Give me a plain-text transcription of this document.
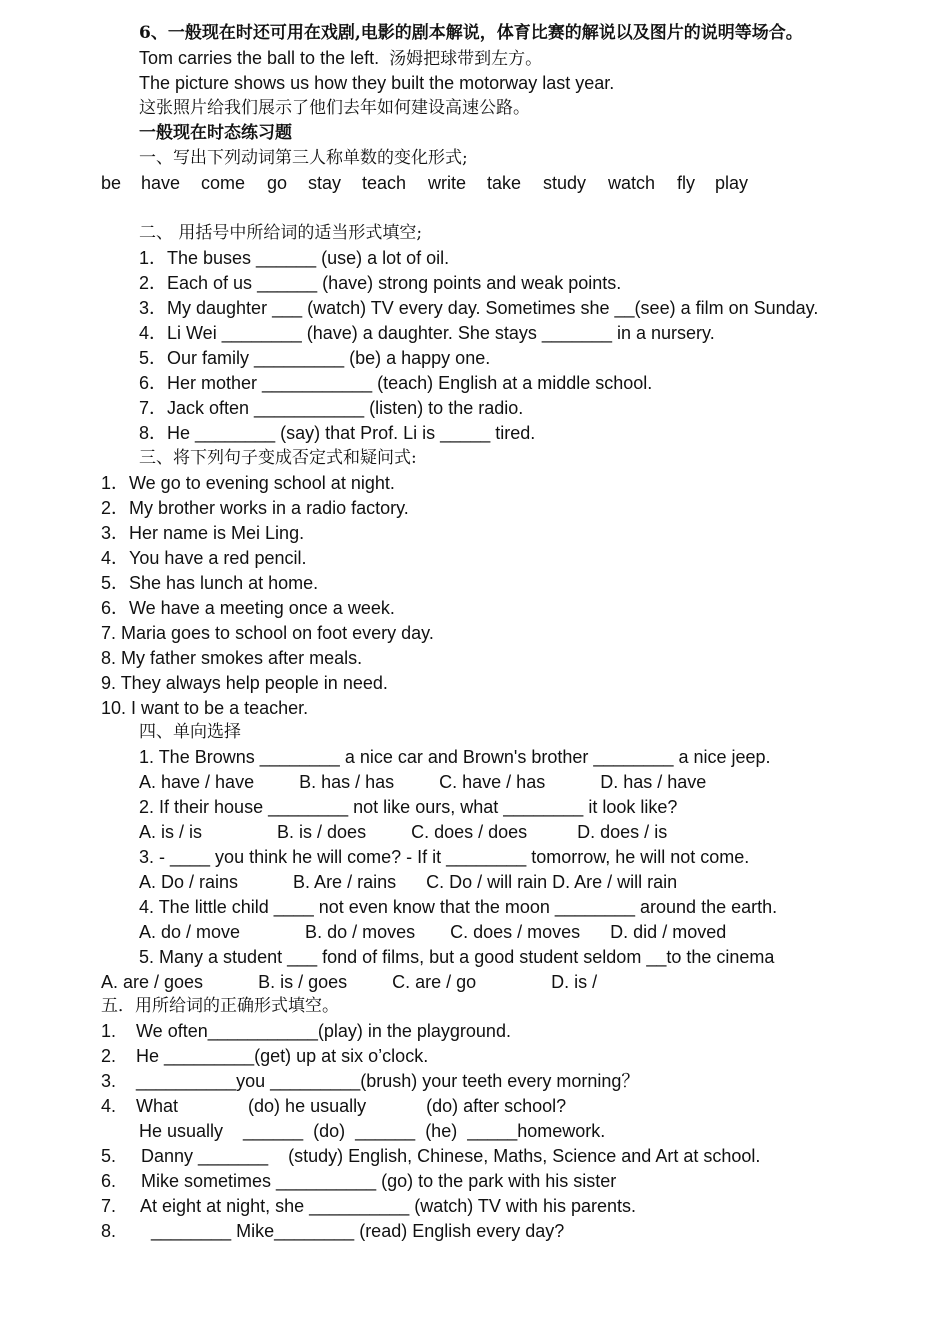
6、一般现在时还可用在戏剧,电影的剧本解说，体育比赛的解说以及图片的说明等场合。
Tom carries the ball to the left. 汤姆把球带到左方。
The picture shows us how they built the motorway last year.
这张照片给我们展示了他们去年如何建设高速公路。
一般现在时态练习题
一、写出下列动词第三人称单数的变化形式;
be have come go stay teach write take study watch fly play
二、 用括号中所给词的适当形式填空;
1．The buses ______ (use) a lot of oil.
2．Each of us ______ (have) strong points and weak points.
3．My daughter ___ (watch) TV every day. Sometimes she __(see) a film on Sunday.
4．Li Wei ________ (have) a daughter. She stays _______ in a nursery.
5．Our family _________ (be) a happy one.
6．Her mother ___________ (teach) English at a middle school.
7．Jack often ___________ (listen) to the radio.
8．He ________ (say) that Prof. Li is _____ tired.
三、将下列句子变成否定式和疑问式:
1．We go to evening school at night.
2．My brother works in a radio factory.
3．Her name is Mei Ling.
4．You have a red pencil.
5．She has lunch at home.
6．We have a meeting once a week.
7. Maria goes to school on foot every day.
8. My father smokes after meals.
9. They always help people in need.
10. I want to be a teacher.
四、单向选择
1. The Browns ________ a nice car and Brown's brother ________ a nice jeep.
A. have / have         B. has / has         C. have / has           D. has / have
2. If their house ________ not like ours, what ________ it look like?
A. is / is               B. is / does         C. does / does          D. does / is
3. - ____ you think he will come? - If it ________ tomorrow, he will not come.
A. Do / rains           B. Are / rains      C. Do / will rain D. Are / will rain
4. The little child ____ not even know that the moon ________ around the earth.
A. do / move             B. do / moves       C. does / moves      D. did / moved
5. Many a student ___ fond of films, but a good student seldom __to the cinema
A. are / goes           B. is / goes         C. are / go               D. is /
五．用所给词的正确形式填空。
1.    We often___________(play) in the playground.
2.    He _________(get) up at six o’clock.
3.    __________you _________(brush) your teeth every morning？
4.    What              (do) he usually            (do) after school?
He usually    ______  (do)  ______  (he)  _____homework.
5.     Danny _______    (study) English, Chinese, Maths, Science and Art at school.
6.     Mike sometimes __________ (go) to the park with his sister
7.     At eight at night, she __________ (watch) TV with his parents.
8.       ________ Mike________ (read) English every day?
